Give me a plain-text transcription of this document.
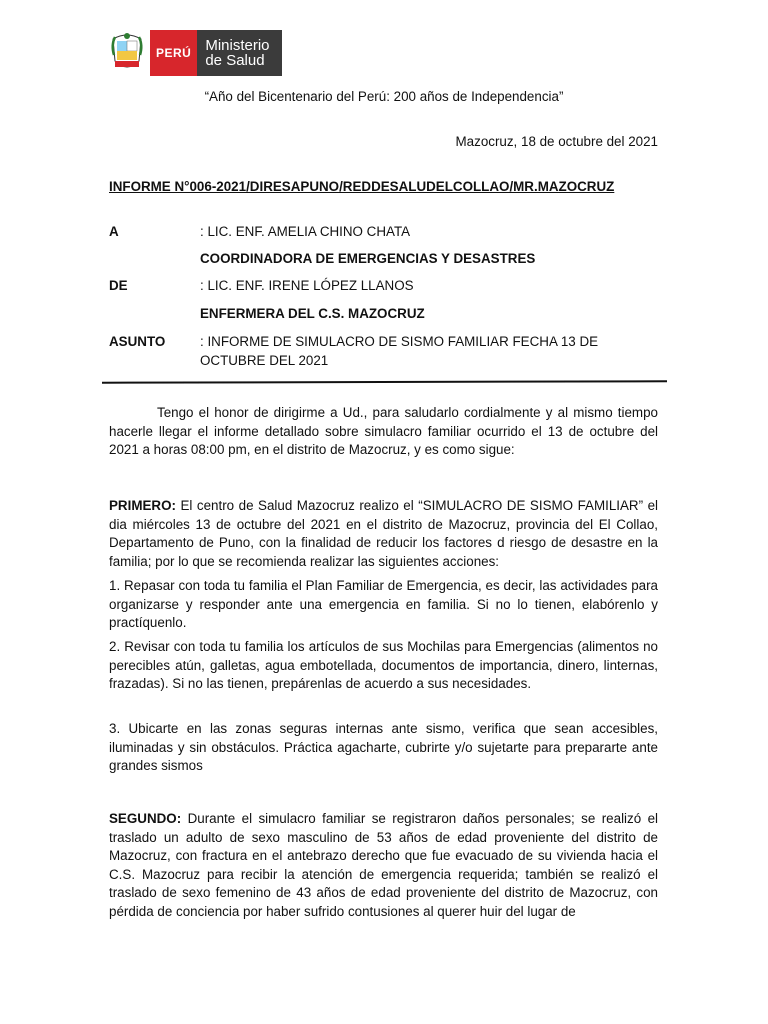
PERÚ Ministerio
de Salud
“Año del Bicentenario del Perú: 200 años de Independencia”
Mazocruz, 18 de octubre del 2021
INFORME N°006-2021/DIRESAPUNO/REDDESALUDELCOLLAO/MR.MAZOCRUZ
A	: LIC. ENF. AMELIA CHINO CHATA
COORDINADORA DE EMERGENCIAS Y DESASTRES
DE	: LIC. ENF. IRENE LÓPEZ LLANOS
ENFERMERA DEL C.S. MAZOCRUZ
ASUNTO	: INFORME DE SIMULACRO DE SISMO FAMILIAR FECHA 13 DE OCTUBRE DEL 2021
Tengo el honor de dirigirme a Ud., para saludarlo cordialmente y al mismo tiempo hacerle llegar el informe detallado sobre simulacro familiar ocurrido el 13 de octubre del 2021 a horas 08:00 pm, en el distrito de Mazocruz, y es como sigue:
PRIMERO: El centro de Salud Mazocruz realizo el “SIMULACRO DE SISMO FAMILIAR” el dia miércoles 13 de octubre del 2021 en el distrito de Mazocruz, provincia del El Collao, Departamento de Puno, con la finalidad de reducir los factores d riesgo de desastre en la familia; por lo que se recomienda realizar las siguientes acciones:
1. Repasar con toda tu familia el Plan Familiar de Emergencia, es decir, las actividades para organizarse y responder ante una emergencia en familia. Si no lo tienen, elabórenlo y practíquenlo.
2. Revisar con toda tu familia los artículos de sus Mochilas para Emergencias (alimentos no perecibles atún, galletas, agua embotellada, documentos de importancia, dinero, linternas, frazadas). Si no las tienen, prepárenlas de acuerdo a sus necesidades.
3. Ubicarte en las zonas seguras internas ante sismo, verifica que sean accesibles, iluminadas y sin obstáculos. Práctica agacharte, cubrirte y/o sujetarte para prepararte ante grandes sismos
SEGUNDO: Durante el simulacro familiar se registraron daños personales; se realizó el traslado un adulto de sexo masculino de 53 años de edad proveniente del distrito de Mazocruz, con fractura en el antebrazo derecho que fue evacuado de su vivienda hacia el C.S. Mazocruz para recibir la atención de emergencia requerida; también se realizó el traslado de sexo femenino de 43 años de edad proveniente del distrito de Mazocruz, con pérdida de conciencia por haber sufrido contusiones al querer huir del lugar de
